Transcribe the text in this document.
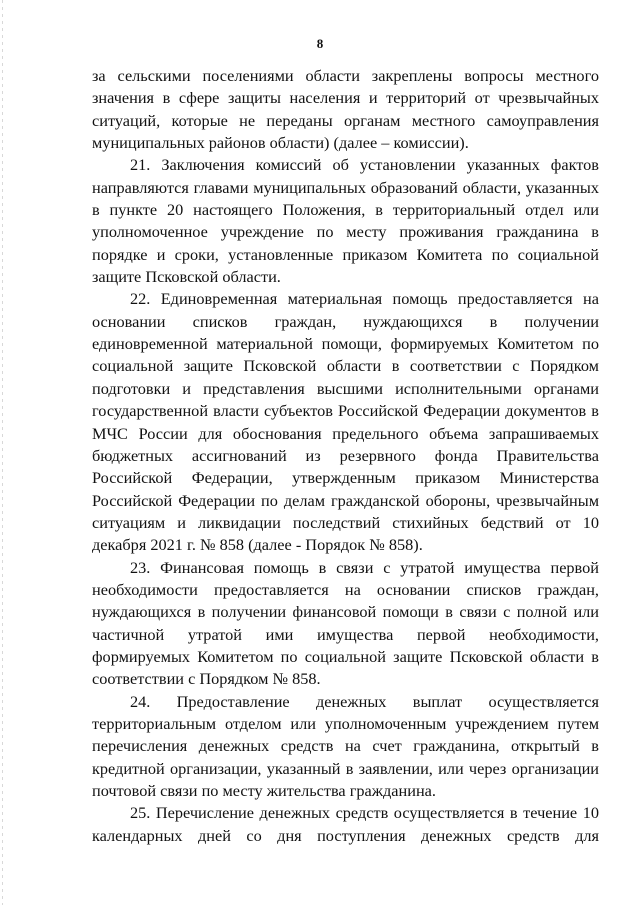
8

за сельскими поселениями области закреплены вопросы местного значения в сфере защиты населения и территорий от чрезвычайных ситуаций, которые не переданы органам местного самоуправления муниципальных районов области) (далее – комиссии).

21. Заключения комиссий об установлении указанных фактов направляются главами муниципальных образований области, указанных в пункте 20 настоящего Положения, в территориальный отдел или уполномоченное учреждение по месту проживания гражданина в порядке и сроки, установленные приказом Комитета по социальной защите Псковской области.

22. Единовременная материальная помощь предоставляется на основании списков граждан, нуждающихся в получении единовременной материальной помощи, формируемых Комитетом по социальной защите Псковской области в соответствии с Порядком подготовки и представления высшими исполнительными органами государственной власти субъектов Российской Федерации документов в МЧС России для обоснования предельного объема запрашиваемых бюджетных ассигнований из резервного фонда Правительства Российской Федерации, утвержденным приказом Министерства Российской Федерации по делам гражданской обороны, чрезвычайным ситуациям и ликвидации последствий стихийных бедствий от 10 декабря 2021 г. № 858 (далее - Порядок № 858).

23. Финансовая помощь в связи с утратой имущества первой необходимости предоставляется на основании списков граждан, нуждающихся в получении финансовой помощи в связи с полной или частичной утратой ими имущества первой необходимости, формируемых Комитетом по социальной защите Псковской области в соответствии с Порядком № 858.

24. Предоставление денежных выплат осуществляется территориальным отделом или уполномоченным учреждением путем перечисления денежных средств на счет гражданина, открытый в кредитной организации, указанный в заявлении, или через организации почтовой связи по месту жительства гражданина.

25. Перечисление денежных средств осуществляется в течение 10 календарных дней со дня поступления денежных средств для
